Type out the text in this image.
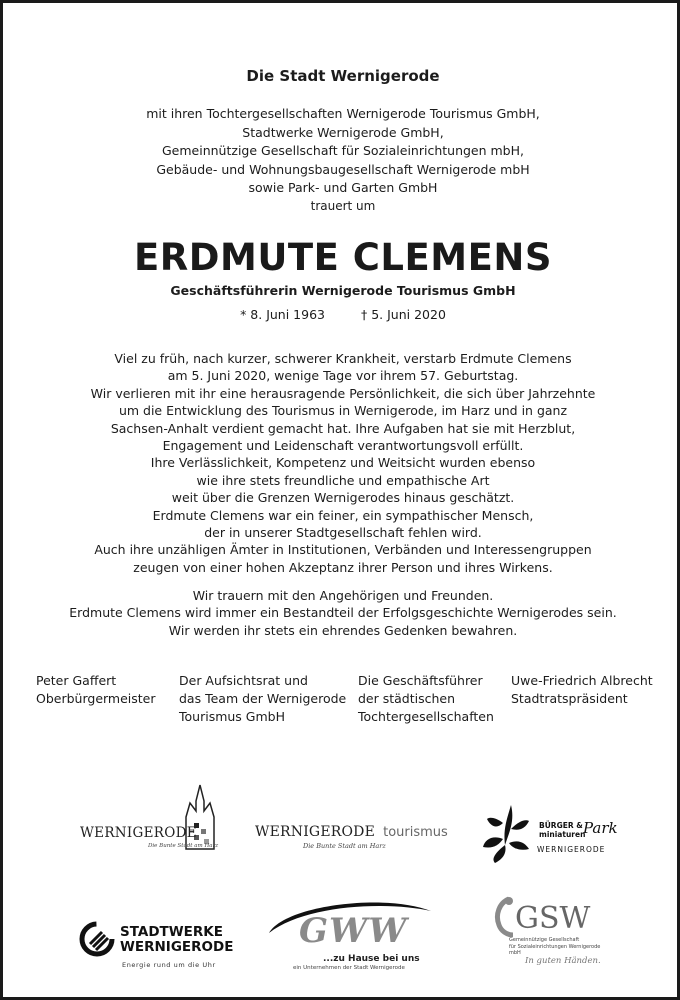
Die Stadt Wernigerode
mit ihren Tochtergesellschaften Wernigerode Tourismus GmbH,
Stadtwerke Wernigerode GmbH,
Gemeinnützige Gesellschaft für Sozialeinrichtungen mbH,
Gebäude- und Wohnungsbaugesellschaft Wernigerode mbH
sowie Park- und Garten GmbH
trauert um
ERDMUTE CLEMENS
Geschäftsführerin Wernigerode Tourismus GmbH
* 8. Juni 1963	† 5. Juni 2020
Viel zu früh, nach kurzer, schwerer Krankheit, verstarb Erdmute Clemens
am 5. Juni 2020, wenige Tage vor ihrem 57. Geburtstag.
Wir verlieren mit ihr eine herausragende Persönlichkeit, die sich über Jahrzehnte
um die Entwicklung des Tourismus in Wernigerode, im Harz und in ganz
Sachsen-Anhalt verdient gemacht hat. Ihre Aufgaben hat sie mit Herzblut,
Engagement und Leidenschaft verantwortungsvoll erfüllt.
Ihre Verlässlichkeit, Kompetenz und Weitsicht wurden ebenso
wie ihre stets freundliche und empathische Art
weit über die Grenzen Wernigerodes hinaus geschätzt.
Erdmute Clemens war ein feiner, ein sympathischer Mensch,
der in unserer Stadtgesellschaft fehlen wird.
Auch ihre unzähligen Ämter in Institutionen, Verbänden und Interessengruppen
zeugen von einer hohen Akzeptanz ihrer Person und ihres Wirkens.
Wir trauern mit den Angehörigen und Freunden.
Erdmute Clemens wird immer ein Bestandteil der Erfolgsgeschichte Wernigerodes sein.
Wir werden ihr stets ein ehrendes Gedenken bewahren.
Peter Gaffert
Oberbürgermeister
Der Aufsichtsrat und
das Team der Wernigerode
Tourismus GmbH
Die Geschäftsführer
der städtischen
Tochtergesellschaften
Uwe-Friedrich Albrecht
Stadtratspräsident
WERNIGERODE
Die Bunte Stadt am Harz
WERNIGERODE tourismus
Die Bunte Stadt am Harz
BÜRGER &
miniaturen
Park
WERNIGERODE
STADTWERKE
WERNIGERODE
Energie rund um die Uhr
GWW
...zu Hause bei uns
ein Unternehmen der Stadt Wernigerode
GSW
Gemeinnützige Gesellschaft
für Sozialeinrichtungen Wernigerode mbH
In guten Händen.
